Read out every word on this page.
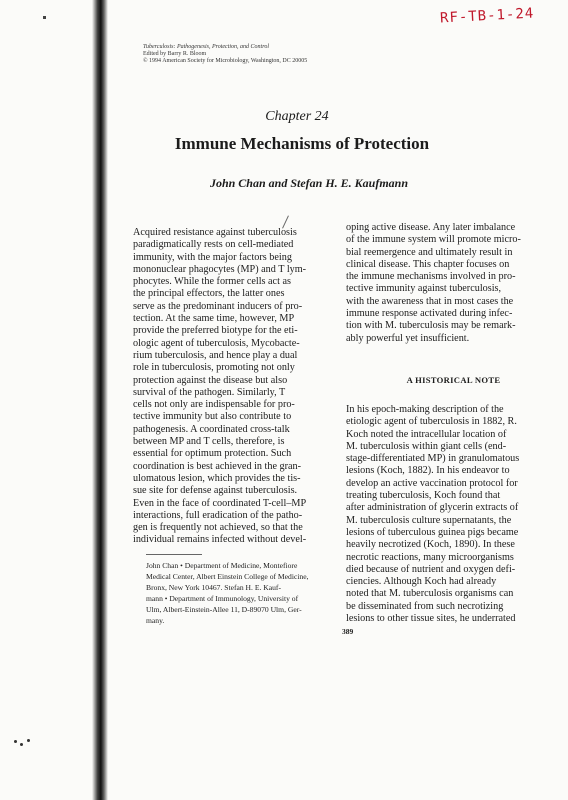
RF-TB-1-24
Tuberculosis: Pathogenesis, Protection, and Control
Edited by Barry R. Bloom
© 1994 American Society for Microbiology, Washington, DC 20005
Chapter 24
Immune Mechanisms of Protection
John Chan and Stefan H. E. Kaufmann
Acquired resistance against tuberculosis
paradigmatically rests on cell-mediated
immunity, with the major factors being
mononuclear phagocytes (MP) and T lym-
phocytes. While the former cells act as
the principal effectors, the latter ones
serve as the predominant inducers of pro-
tection. At the same time, however, MP
provide the preferred biotype for the eti-
ologic agent of tuberculosis, Mycobacte-
rium tuberculosis, and hence play a dual
role in tuberculosis, promoting not only
protection against the disease but also
survival of the pathogen. Similarly, T
cells not only are indispensable for pro-
tective immunity but also contribute to
pathogenesis. A coordinated cross-talk
between MP and T cells, therefore, is
essential for optimum protection. Such
coordination is best achieved in the gran-
ulomatous lesion, which provides the tis-
sue site for defense against tuberculosis.
Even in the face of coordinated T-cell–MP
interactions, full eradication of the patho-
gen is frequently not achieved, so that the
individual remains infected without devel-
oping active disease. Any later imbalance
of the immune system will promote micro-
bial reemergence and ultimately result in
clinical disease. This chapter focuses on
the immune mechanisms involved in pro-
tective immunity against tuberculosis,
with the awareness that in most cases the
immune response activated during infec-
tion with M. tuberculosis may be remark-
ably powerful yet insufficient.
A HISTORICAL NOTE
In his epoch-making description of the
etiologic agent of tuberculosis in 1882, R.
Koch noted the intracellular location of
M. tuberculosis within giant cells (end-
stage-differentiated MP) in granulomatous
lesions (Koch, 1882). In his endeavor to
develop an active vaccination protocol for
treating tuberculosis, Koch found that
after administration of glycerin extracts of
M. tuberculosis culture supernatants, the
lesions of tuberculous guinea pigs became
heavily necrotized (Koch, 1890). In these
necrotic reactions, many microorganisms
died because of nutrient and oxygen defi-
ciencies. Although Koch had already
noted that M. tuberculosis organisms can
be disseminated from such necrotizing
lesions to other tissue sites, he underrated
John Chan • Department of Medicine, Montefiore
Medical Center, Albert Einstein College of Medicine,
Bronx, New York 10467. Stefan H. E. Kauf-
mann • Department of Immunology, University of
Ulm, Albert-Einstein-Allee 11, D-89070 Ulm, Ger-
many.
389
